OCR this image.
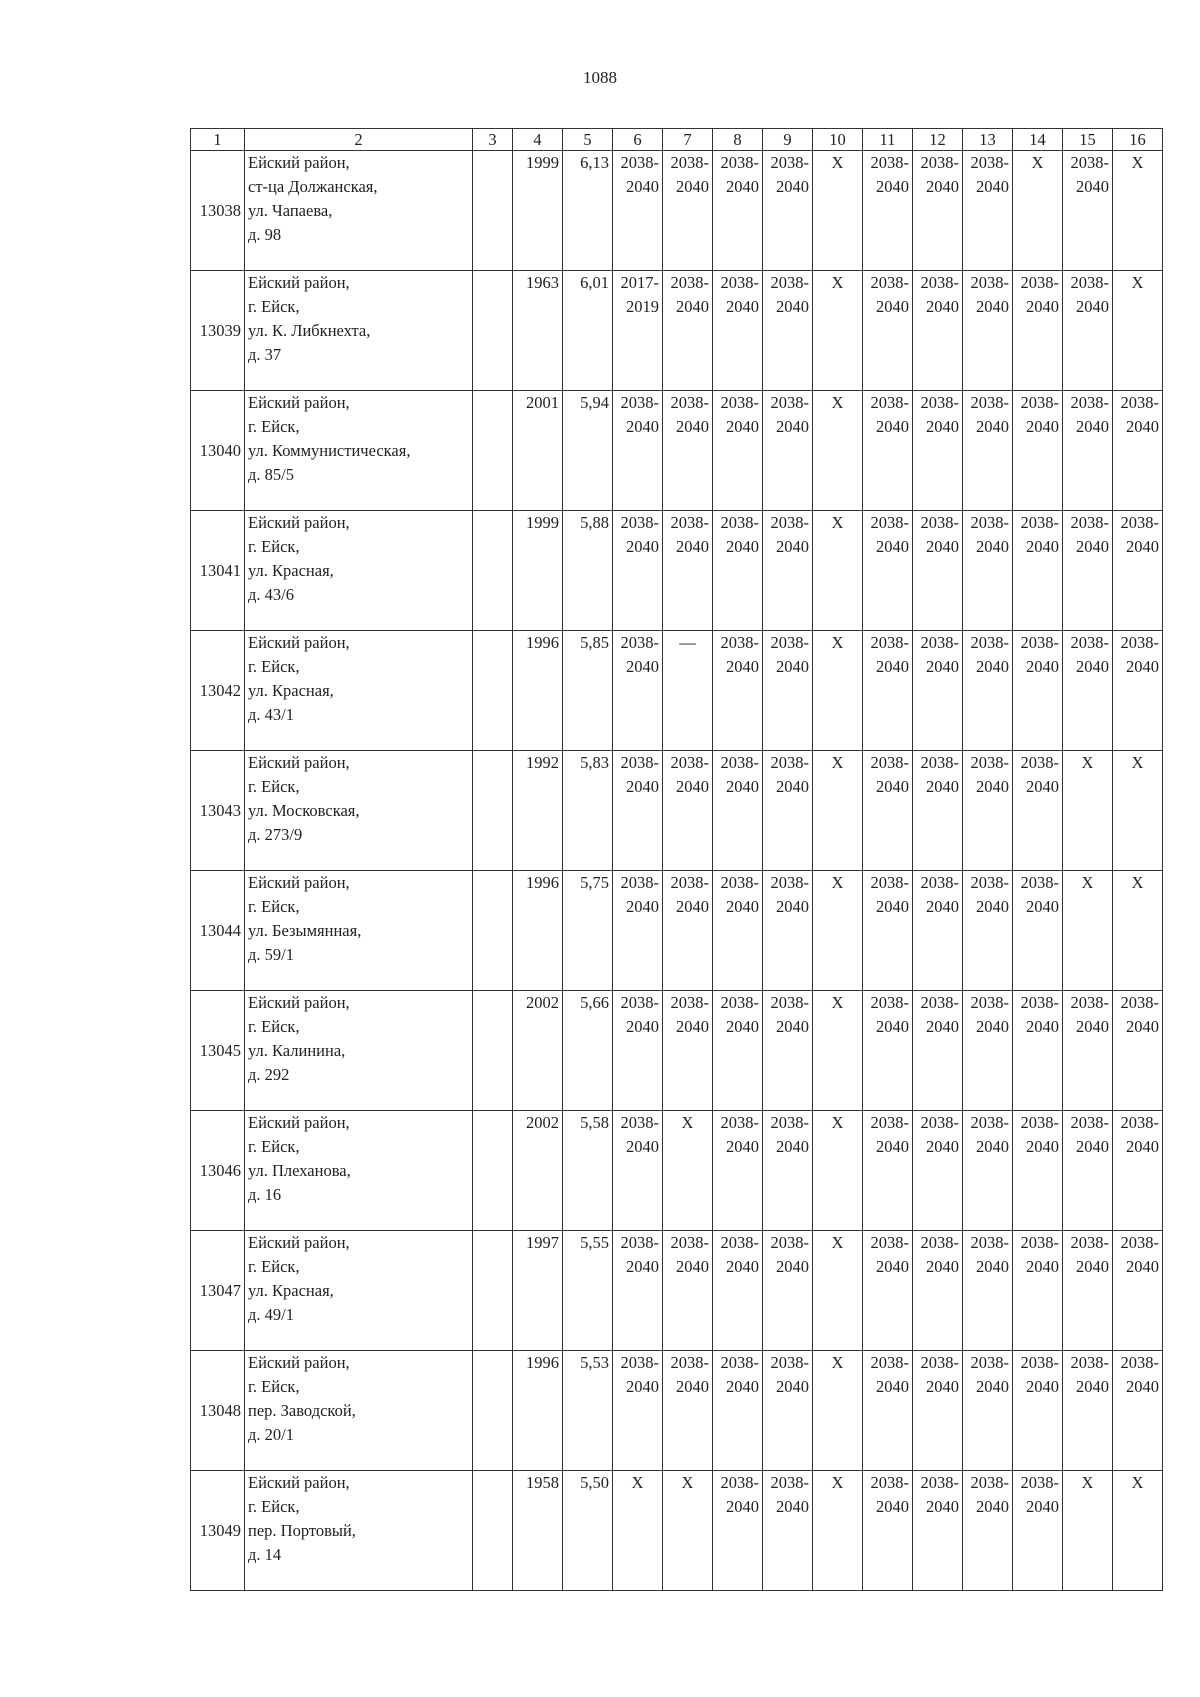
1088
1	2	3	4	5	6	7	8	9	10	11	12	13	14	15	16
13038	Ейский район,
ст-ца Должанская,
ул. Чапаева,
д. 98		1999	6,13	2038-
2040	2038-
2040	2038-
2040	2038-
2040	Х	2038-
2040	2038-
2040	2038-
2040	Х	2038-
2040	Х

13039	Ейский район,
г. Ейск,
ул. К. Либкнехта,
д. 37		1963	6,01	2017-
2019	2038-
2040	2038-
2040	2038-
2040	Х	2038-
2040	2038-
2040	2038-
2040	2038-
2040	2038-
2040	Х

13040	Ейский район,
г. Ейск,
ул. Коммунистическая,
д. 85/5		2001	5,94	2038-
2040	2038-
2040	2038-
2040	2038-
2040	Х	2038-
2040	2038-
2040	2038-
2040	2038-
2040	2038-
2040	2038-
2040

13041	Ейский район,
г. Ейск,
ул. Красная,
д. 43/6		1999	5,88	2038-
2040	2038-
2040	2038-
2040	2038-
2040	Х	2038-
2040	2038-
2040	2038-
2040	2038-
2040	2038-
2040	2038-
2040

13042	Ейский район,
г. Ейск,
ул. Красная,
д. 43/1		1996	5,85	2038-
2040	—	2038-
2040	2038-
2040	Х	2038-
2040	2038-
2040	2038-
2040	2038-
2040	2038-
2040	2038-
2040

13043	Ейский район,
г. Ейск,
ул. Московская,
д. 273/9		1992	5,83	2038-
2040	2038-
2040	2038-
2040	2038-
2040	Х	2038-
2040	2038-
2040	2038-
2040	2038-
2040	Х	Х

13044	Ейский район,
г. Ейск,
ул. Безымянная,
д. 59/1		1996	5,75	2038-
2040	2038-
2040	2038-
2040	2038-
2040	Х	2038-
2040	2038-
2040	2038-
2040	2038-
2040	Х	Х

13045	Ейский район,
г. Ейск,
ул. Калинина,
д. 292		2002	5,66	2038-
2040	2038-
2040	2038-
2040	2038-
2040	Х	2038-
2040	2038-
2040	2038-
2040	2038-
2040	2038-
2040	2038-
2040

13046	Ейский район,
г. Ейск,
ул. Плеханова,
д. 16		2002	5,58	2038-
2040	Х	2038-
2040	2038-
2040	Х	2038-
2040	2038-
2040	2038-
2040	2038-
2040	2038-
2040	2038-
2040

13047	Ейский район,
г. Ейск,
ул. Красная,
д. 49/1		1997	5,55	2038-
2040	2038-
2040	2038-
2040	2038-
2040	Х	2038-
2040	2038-
2040	2038-
2040	2038-
2040	2038-
2040	2038-
2040

13048	Ейский район,
г. Ейск,
пер. Заводской,
д. 20/1		1996	5,53	2038-
2040	2038-
2040	2038-
2040	2038-
2040	Х	2038-
2040	2038-
2040	2038-
2040	2038-
2040	2038-
2040	2038-
2040

13049	Ейский район,
г. Ейск,
пер. Портовый,
д. 14		1958	5,50	Х	Х	2038-
2040	2038-
2040	Х	2038-
2040	2038-
2040	2038-
2040	2038-
2040	Х	Х
